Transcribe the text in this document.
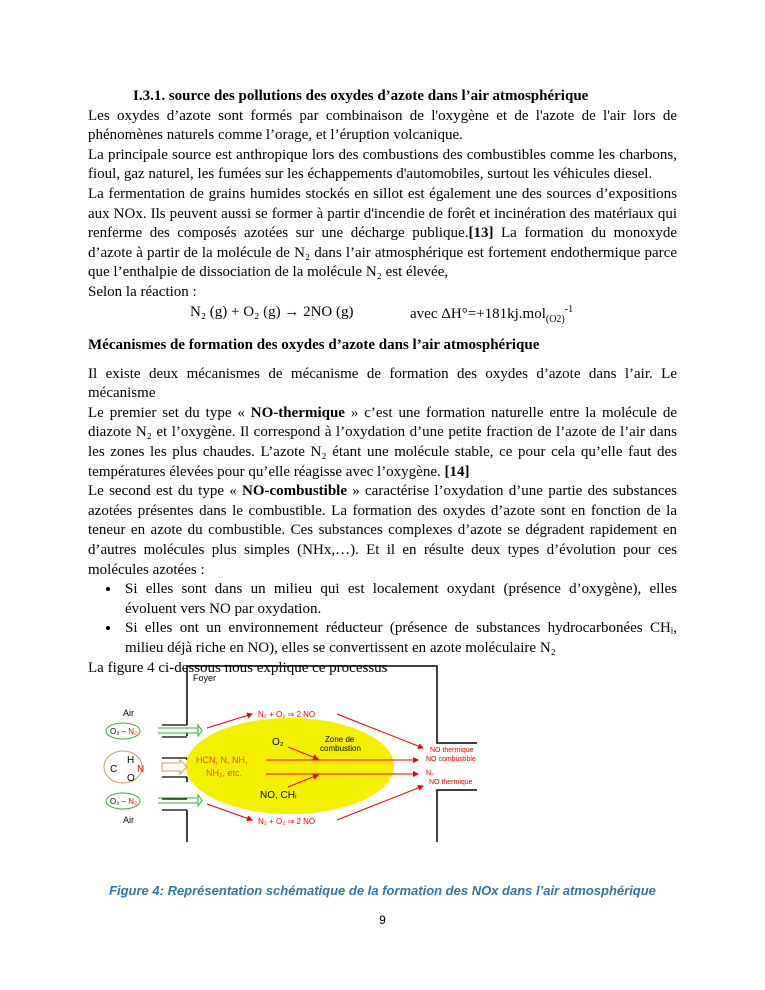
I.3.1. source des pollutions des oxydes d’azote dans l’air atmosphérique

Les oxydes d’azote sont formés par combinaison de l'oxygène et de l'azote de l'air lors de phénomènes naturels comme l’orage, et l’éruption volcanique.

La principale source est anthropique lors des combustions des combustibles comme les charbons, fioul, gaz naturel, les fumées sur les échappements d'automobiles, surtout les véhicules diesel.

La fermentation de grains humides stockés en sillot est également une des sources d’expositions aux NOx. Ils peuvent aussi se former à partir d'incendie de forêt et incinération des matériaux qui renferme des composés azotées sur une décharge publique.[13] La formation du monoxyde d’azote à partir de la molécule de N₂ dans l’air atmosphérique est fortement endothermique parce que l’enthalpie de dissociation de la molécule N₂ est élevée,

Selon la réaction :

N₂ (g) + O₂ (g) → 2NO (g)	avec ΔH°=+181kj.mol$_{(O2)}^{-1}$

Mécanismes de formation des oxydes d’azote dans l’air atmosphérique

Il existe deux mécanismes de mécanisme de formation des oxydes d’azote dans l’air. Le mécanisme

Le premier set du type « NO-thermique » c’est une formation naturelle entre la molécule de diazote N₂ et l’oxygène. Il correspond à l’oxydation d’une petite fraction de l’azote de l’air dans les zones les plus chaudes. L’azote N₂ étant une molécule stable, ce pour cela qu’elle faut des températures élevées pour qu’elle réagisse avec l’oxygène. [14]

Le second est du type « NO-combustible » caractérise l’oxydation d’une partie des substances azotées présentes dans le combustible. La formation des oxydes d’azote sont en fonction de la teneur en azote du combustible. Ces substances complexes d’azote se dégradent rapidement en d’autres molécules plus simples (NHx,…). Et il en résulte deux types d’évolution pour ces molécules azotées :

• Si elles sont dans un milieu qui est localement oxydant (présence d’oxygène), elles évoluent vers NO par oxydation.
• Si elles ont un environnement réducteur (présence de substances hydrocarbonées CHᵢ, milieu déjà riche en NO), elles se convertissent en azote moléculaire N₂

La figure 4 ci-dessous nous explique ce processus

Foyer
Air
Air
O₂ – N₂
O₂ – N₂
C
H
O
N
N₂ + O₂ ⇒ 2 NO
N₂ + O₂ ⇒ 2 NO
O₂	Zone de
combustion
HCN, N, NH,
NH₂, etc.
NO, CHᵢ
NO thermique
NO combustible
N₂
NO thermique
Figure 4: Représentation schématique de la formation des NOx dans l’air atmosphérique
9
